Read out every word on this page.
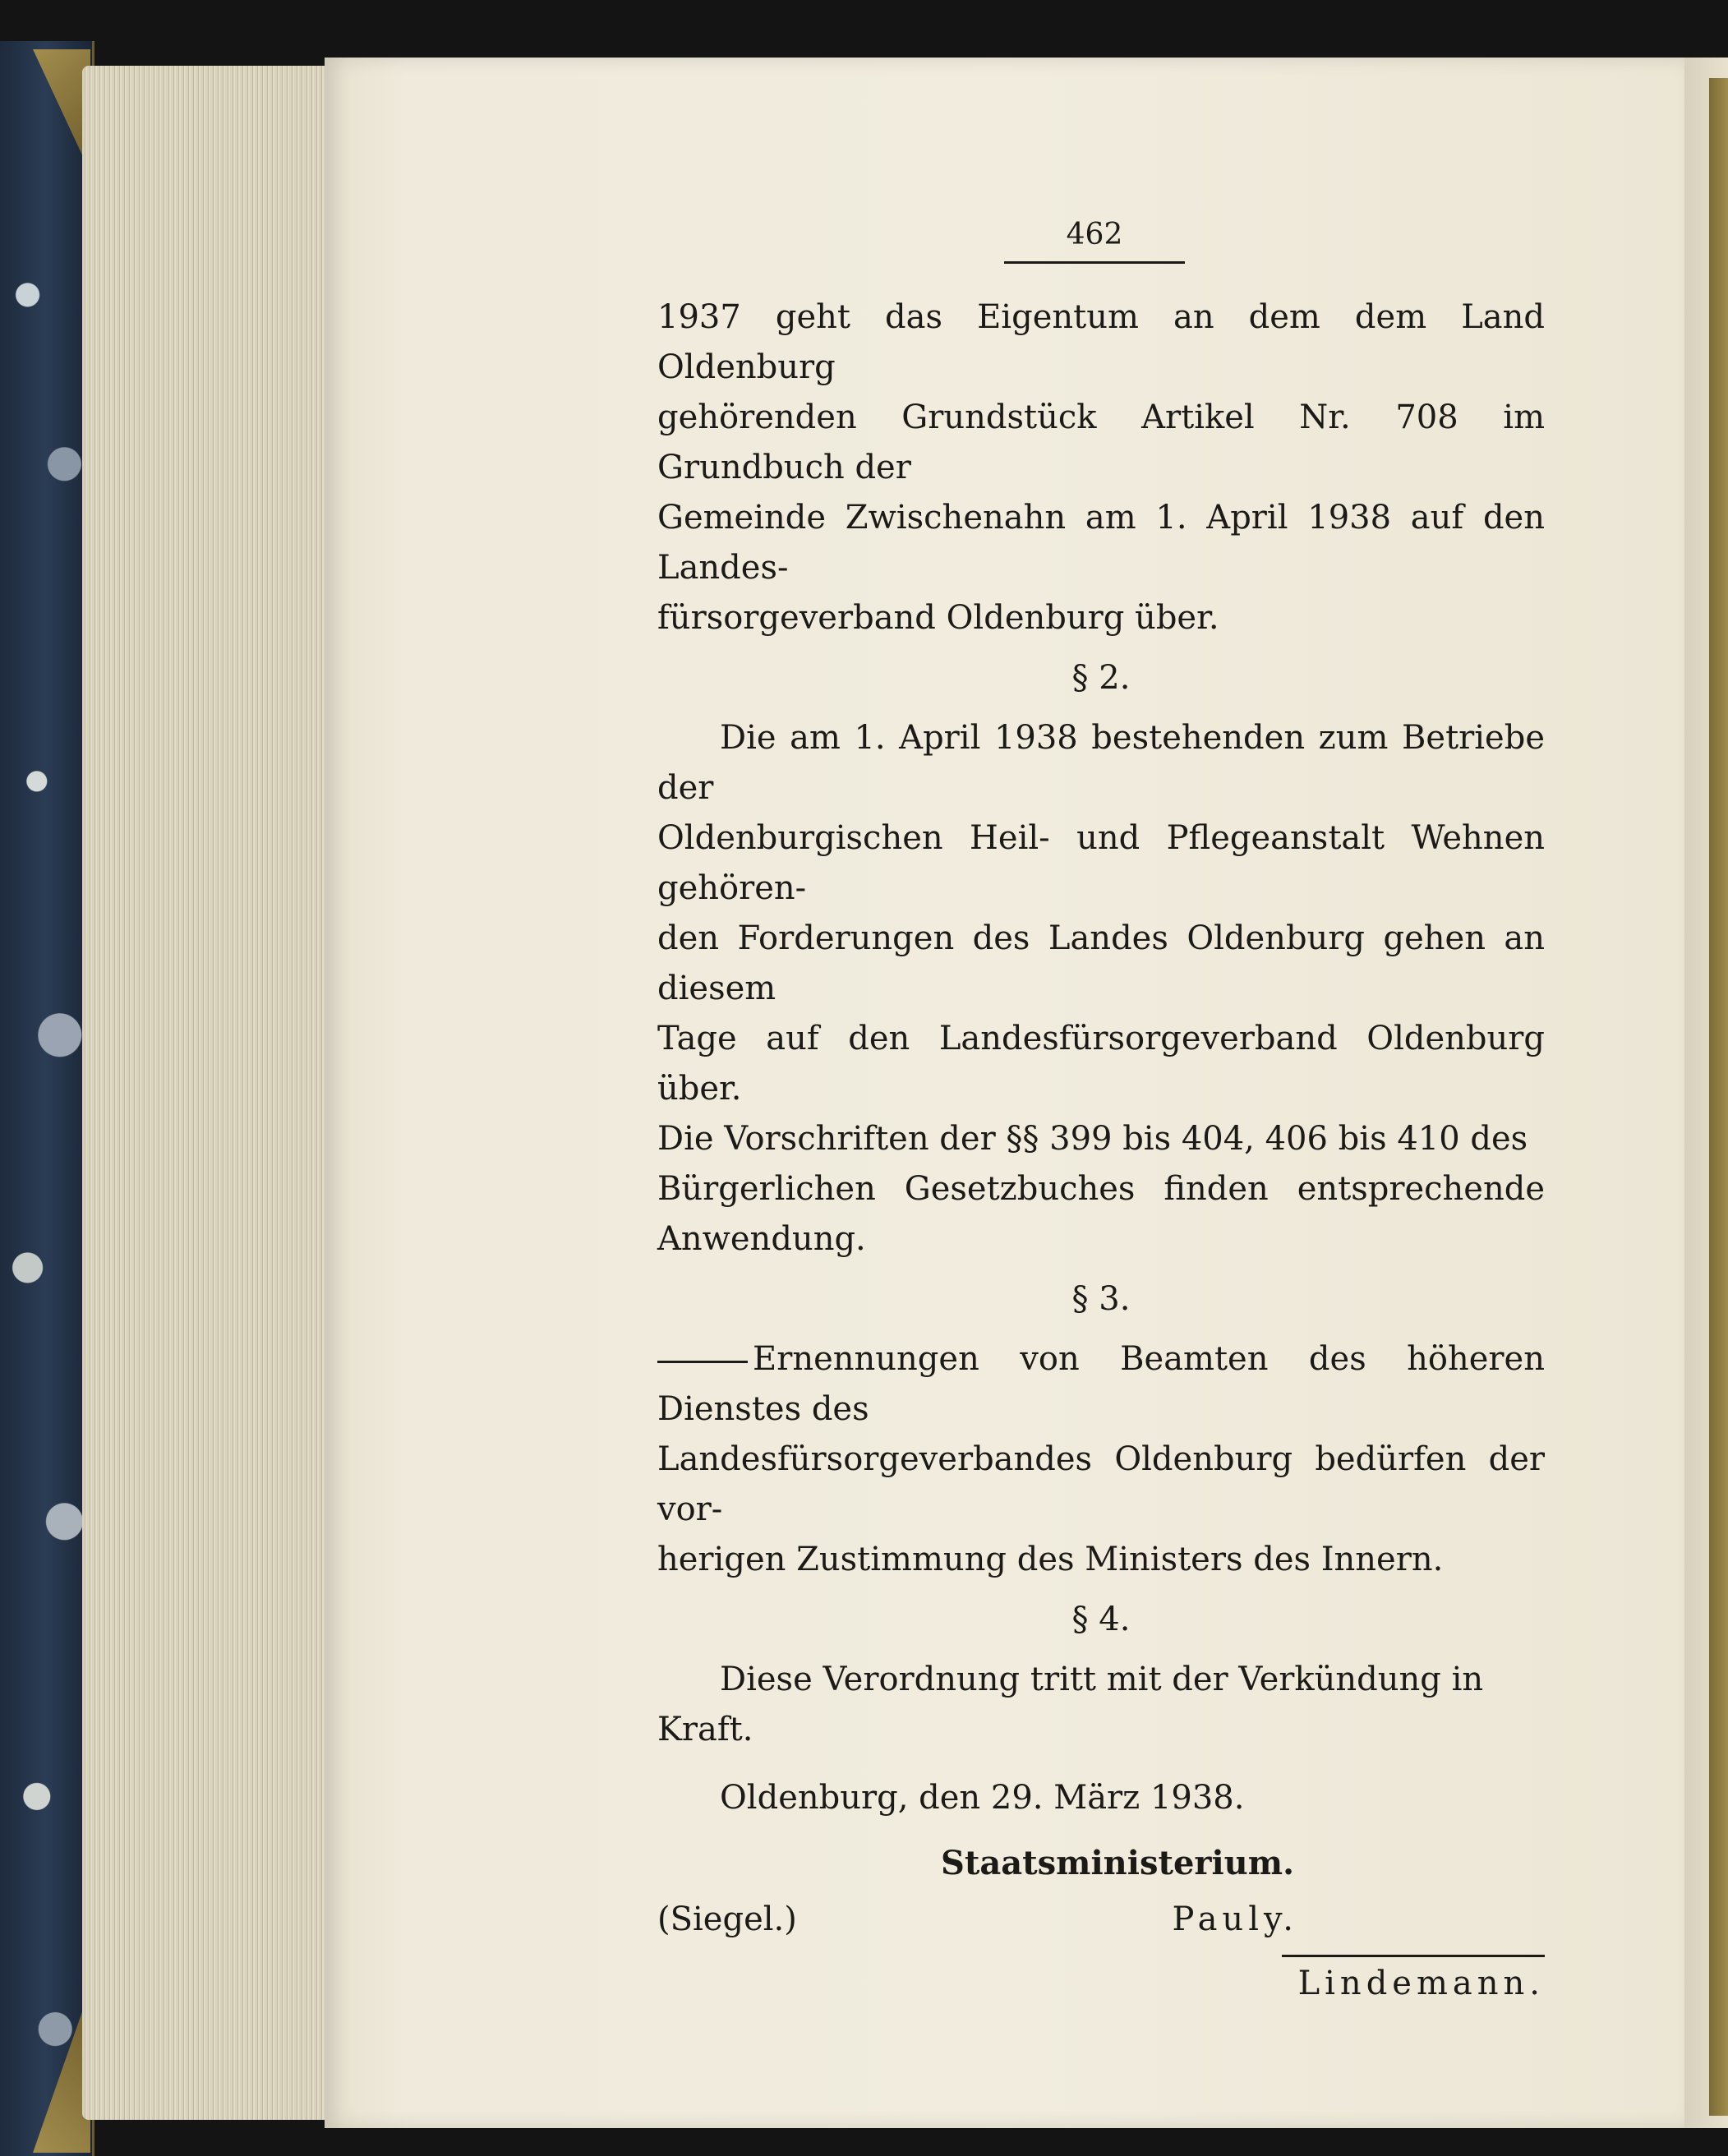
462

1937 geht das Eigentum an dem dem Land Oldenburg
gehörenden Grundstück Artikel Nr. 708 im Grundbuch der
Gemeinde Zwischenahn am 1. April 1938 auf den Landes-
fürsorgeverband Oldenburg über.

§ 2.

Die am 1. April 1938 bestehenden zum Betriebe der
Oldenburgischen Heil- und Pflegeanstalt Wehnen gehören-
den Forderungen des Landes Oldenburg gehen an diesem
Tage auf den Landesfürsorgeverband Oldenburg über.
Die Vorschriften der §§ 399 bis 404, 406 bis 410 des
Bürgerlichen Gesetzbuches finden entsprechende Anwendung.

§ 3.

Ernennungen von Beamten des höheren Dienstes des
Landesfürsorgeverbandes Oldenburg bedürfen der vor-
herigen Zustimmung des Ministers des Innern.

§ 4.

Diese Verordnung tritt mit der Verkündung in
Kraft.

Oldenburg, den 29. März 1938.
Staatsministerium.
(Siegel.)	Pauly.
Lindemann.
